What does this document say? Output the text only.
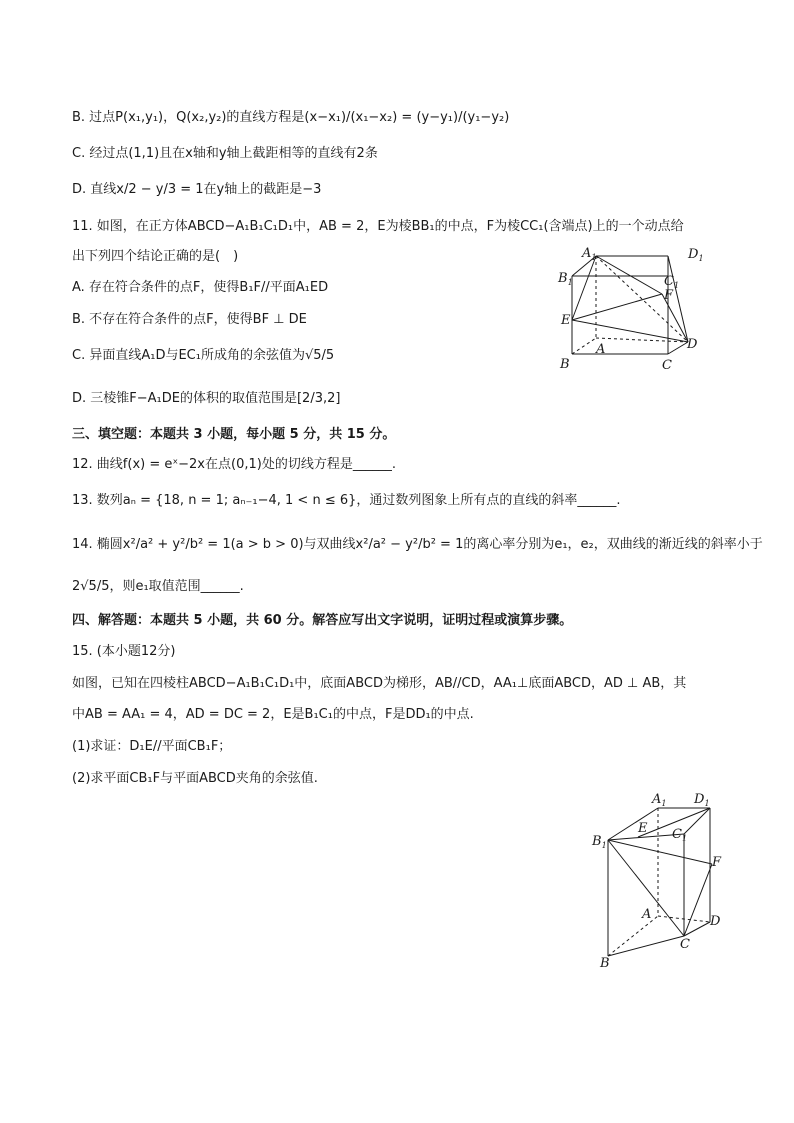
B. 过点P(x₁,y₁)，Q(x₂,y₂)的直线方程是(x−x₁)/(x₁−x₂) = (y−y₁)/(y₁−y₂)
C. 经过点(1,1)且在x轴和y轴上截距相等的直线有2条
D. 直线x/2 − y/3 = 1在y轴上的截距是−3
11. 如图，在正方体ABCD−A₁B₁C₁D₁中，AB = 2，E为棱BB₁的中点，F为棱CC₁(含端点)上的一个动点给
出下列四个结论正确的是(　)
A. 存在符合条件的点F，使得B₁F//平面A₁ED
B. 不存在符合条件的点F，使得BF ⊥ DE
C. 异面直线A₁D与EC₁所成角的余弦值为√5/5
D. 三棱锥F−A₁DE的体积的取值范围是[2/3,2]
三、填空题：本题共 3 小题，每小题 5 分，共 15 分。
12. 曲线f(x) = eˣ−2x在点(0,1)处的切线方程是______.
13. 数列aₙ = {18, n = 1; aₙ₋₁−4, 1 < n ≤ 6}，通过数列图象上所有点的直线的斜率______.
14. 椭圆x²/a² + y²/b² = 1(a > b > 0)与双曲线x²/a² − y²/b² = 1的离心率分别为e₁，e₂，双曲线的渐近线的斜率小于
2√5/5，则e₁取值范围______.
四、解答题：本题共 5 小题，共 60 分。解答应写出文字说明，证明过程或演算步骤。
15. (本小题12分)
如图，已知在四棱柱ABCD−A₁B₁C₁D₁中，底面ABCD为梯形，AB//CD，AA₁⊥底面ABCD，AD ⊥ AB，其
中AB = AA₁ = 4，AD = DC = 2，E是B₁C₁的中点，F是DD₁的中点.
(1)求证：D₁E//平面CB₁F；
(2)求平面CB₁F与平面ABCD夹角的余弦值.
$A_1$	$D_1$
$B_1$	$C_1$
F
E
A	D
B	C
$A_1$ $D_1$
E $C_1$
$B_1$
F
A	D
C
B
